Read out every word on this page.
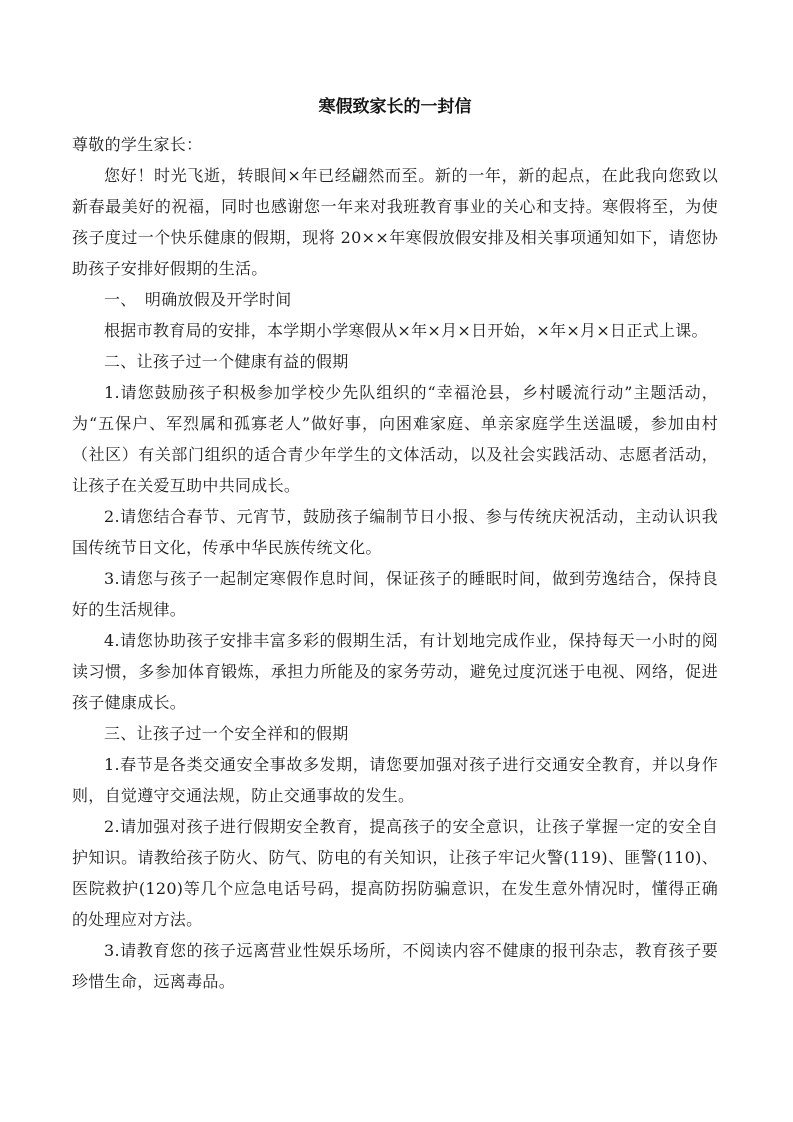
寒假致家长的一封信

尊敬的学生家长：

您好！时光飞逝，转眼间×年已经翩然而至。新的一年，新的起点，在此我向您致以新春最美好的祝福，同时也感谢您一年来对我班教育事业的关心和支持。寒假将至，为使孩子度过一个快乐健康的假期，现将 20××年寒假放假安排及相关事项通知如下，请您协助孩子安排好假期的生活。

一、　明确放假及开学时间

根据市教育局的安排，本学期小学寒假从×年×月×日开始，×年×月×日正式上课。

二、让孩子过一个健康有益的假期

1.请您鼓励孩子积极参加学校少先队组织的“幸福沧县，乡村暖流行动”主题活动，为“五保户、军烈属和孤寡老人”做好事，向困难家庭、单亲家庭学生送温暖，参加由村（社区）有关部门组织的适合青少年学生的文体活动，以及社会实践活动、志愿者活动，让孩子在关爱互助中共同成长。

2.请您结合春节、元宵节，鼓励孩子编制节日小报、参与传统庆祝活动，主动认识我国传统节日文化，传承中华民族传统文化。

3.请您与孩子一起制定寒假作息时间，保证孩子的睡眠时间，做到劳逸结合，保持良好的生活规律。

4.请您协助孩子安排丰富多彩的假期生活，有计划地完成作业，保持每天一小时的阅读习惯，多参加体育锻炼，承担力所能及的家务劳动，避免过度沉迷于电视、网络，促进孩子健康成长。

三、让孩子过一个安全祥和的假期

1.春节是各类交通安全事故多发期，请您要加强对孩子进行交通安全教育，并以身作则，自觉遵守交通法规，防止交通事故的发生。

2.请加强对孩子进行假期安全教育，提高孩子的安全意识，让孩子掌握一定的安全自护知识。请教给孩子防火、防气、防电的有关知识，让孩子牢记火警(119)、匪警(110)、医院救护(120)等几个应急电话号码，提高防拐防骗意识，在发生意外情况时，懂得正确的处理应对方法。

3.请教育您的孩子远离营业性娱乐场所，不阅读内容不健康的报刊杂志，教育孩子要珍惜生命，远离毒品。
